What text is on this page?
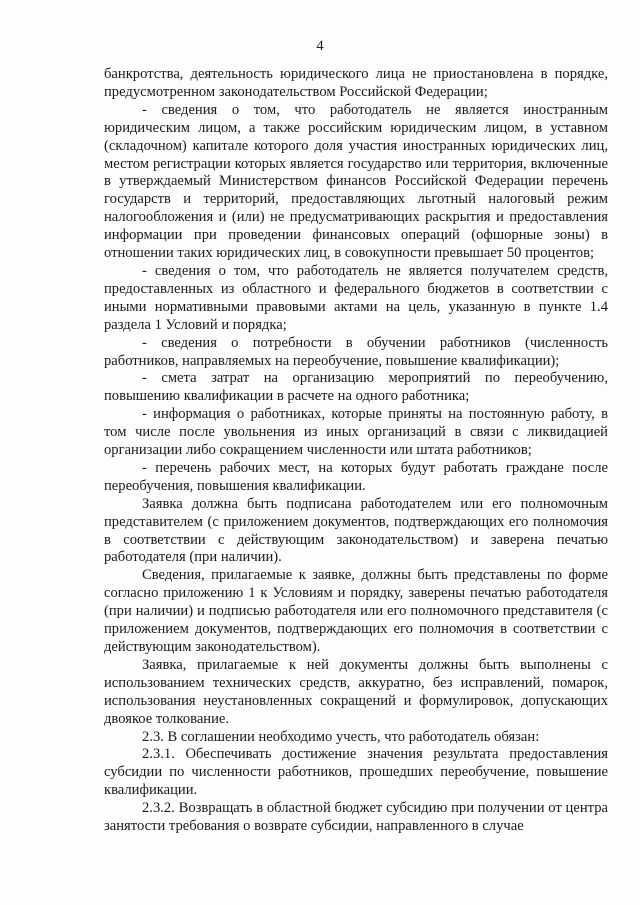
4

банкротства, деятельность юридического лица не приостановлена в порядке, предусмотренном законодательством Российской Федерации;

- сведения о том, что работодатель не является иностранным юридическим лицом, а также российским юридическим лицом, в уставном (складочном) капитале которого доля участия иностранных юридических лиц, местом регистрации которых является государство или территория, включенные в утверждаемый Министерством финансов Российской Федерации перечень государств и территорий, предоставляющих льготный налоговый режим налогообложения и (или) не предусматривающих раскрытия и предоставления информации при проведении финансовых операций (офшорные зоны) в отношении таких юридических лиц, в совокупности превышает 50 процентов;

- сведения о том, что работодатель не является получателем средств, предоставленных из областного и федерального бюджетов в соответствии с иными нормативными правовыми актами на цель, указанную в пункте 1.4 раздела 1 Условий и порядка;

- сведения о потребности в обучении работников (численность работников, направляемых на переобучение, повышение квалификации);

- смета затрат на организацию мероприятий по переобучению, повышению квалификации в расчете на одного работника;

- информация о работниках, которые приняты на постоянную работу, в том числе после увольнения из иных организаций в связи с ликвидацией организации либо сокращением численности или штата работников;

- перечень рабочих мест, на которых будут работать граждане после переобучения, повышения квалификации.

Заявка должна быть подписана работодателем или его полномочным представителем (с приложением документов, подтверждающих его полномочия в соответствии с действующим законодательством) и заверена печатью работодателя (при наличии).

Сведения, прилагаемые к заявке, должны быть представлены по форме согласно приложению 1 к Условиям и порядку, заверены печатью работодателя (при наличии) и подписью работодателя или его полномочного представителя (с приложением документов, подтверждающих его полномочия в соответствии с действующим законодательством).

Заявка, прилагаемые к ней документы должны быть выполнены с использованием технических средств, аккуратно, без исправлений, помарок, использования неустановленных сокращений и формулировок, допускающих двоякое толкование.

2.3. В соглашении необходимо учесть, что работодатель обязан:

2.3.1. Обеспечивать достижение значения результата предоставления субсидии по численности работников, прошедших переобучение, повышение квалификации.

2.3.2. Возвращать в областной бюджет субсидию при получении от центра занятости требования о возврате субсидии, направленного в случае
